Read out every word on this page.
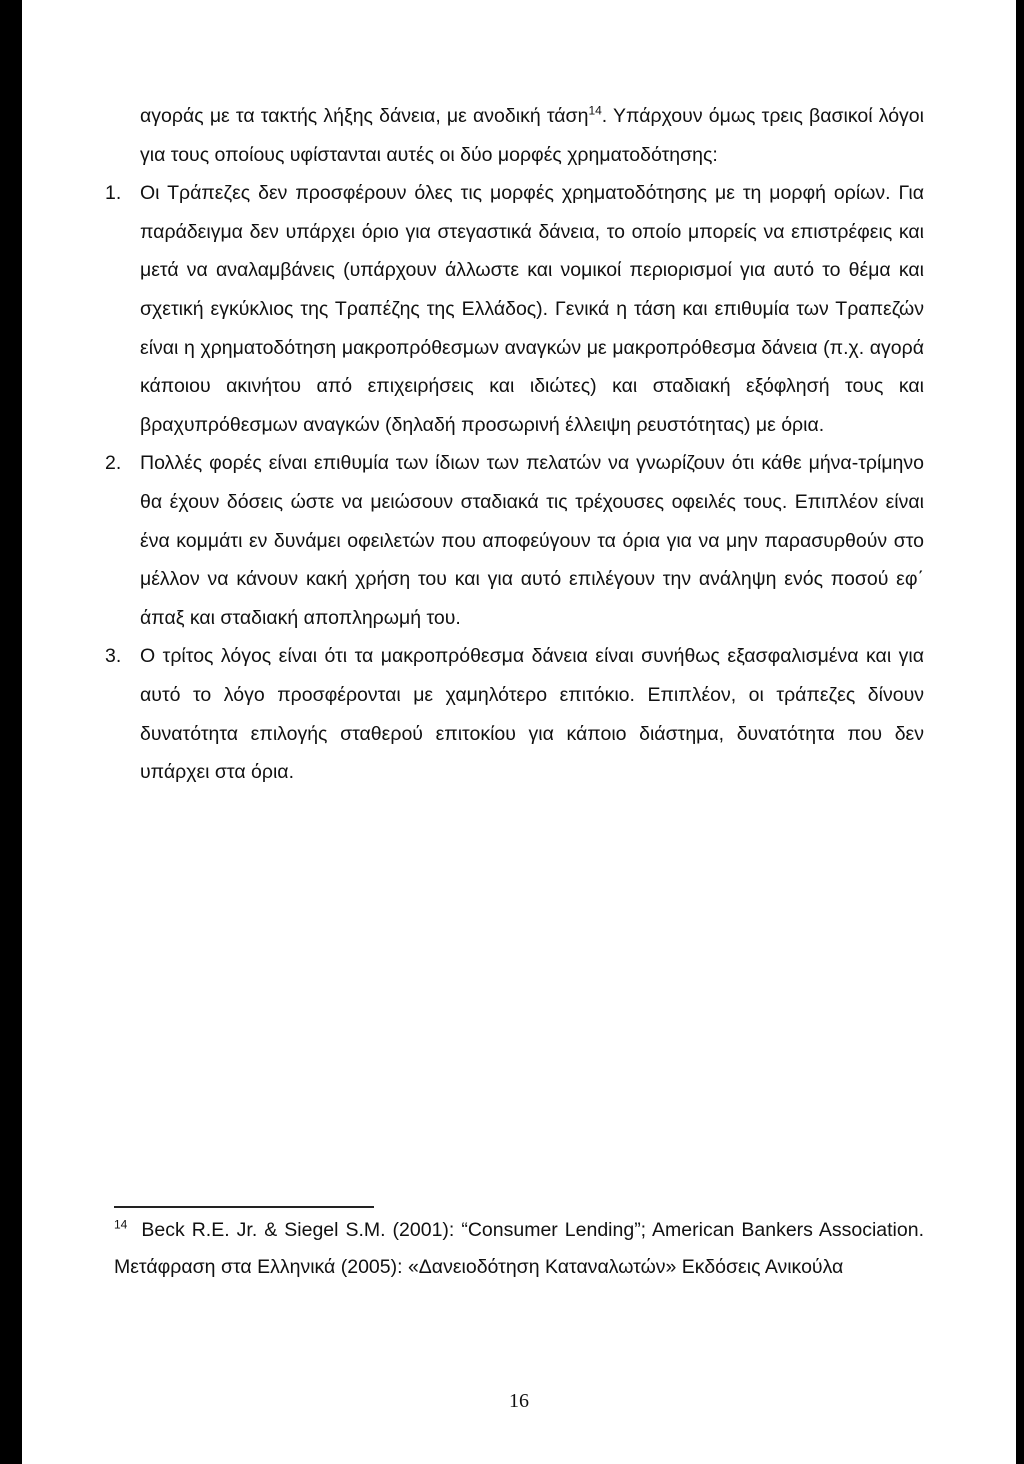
αγοράς με τα τακτής λήξης δάνεια, με ανοδική τάση$^{14}$. Υπάρχουν όμως τρεις βασικοί λόγοι για τους οποίους υφίστανται αυτές οι δύο μορφές χρηματοδότησης:

1. Οι Τράπεζες δεν προσφέρουν όλες τις μορφές χρηματοδότησης με τη μορφή ορίων. Για παράδειγμα δεν υπάρχει όριο για στεγαστικά δάνεια, το οποίο μπορείς να επιστρέφεις και μετά να αναλαμβάνεις (υπάρχουν άλλωστε και νομικοί περιορισμοί για αυτό το θέμα και σχετική εγκύκλιος της Τραπέζης της Ελλάδος). Γενικά η τάση και επιθυμία των Τραπεζών είναι η χρηματοδότηση μακροπρόθεσμων αναγκών με μακροπρόθεσμα δάνεια (π.χ. αγορά κάποιου ακινήτου από επιχειρήσεις και ιδιώτες) και σταδιακή εξόφλησή τους και βραχυπρόθεσμων αναγκών (δηλαδή προσωρινή έλλειψη ρευστότητας) με όρια.
2. Πολλές φορές είναι επιθυμία των ίδιων των πελατών να γνωρίζουν ότι κάθε μήνα-τρίμηνο θα έχουν δόσεις ώστε να μειώσουν σταδιακά τις τρέχουσες οφειλές τους. Επιπλέον είναι ένα κομμάτι εν δυνάμει οφειλετών που αποφεύγουν τα όρια για να μην παρασυρθούν στο μέλλον να κάνουν κακή χρήση του και για αυτό επιλέγουν την ανάληψη ενός ποσού εφ΄ άπαξ και σταδιακή αποπληρωμή του.
3. Ο τρίτος λόγος είναι ότι τα μακροπρόθεσμα δάνεια είναι συνήθως εξασφαλισμένα και για αυτό το λόγο προσφέρονται με χαμηλότερο επιτόκιο. Επιπλέον, οι τράπεζες δίνουν δυνατότητα επιλογής σταθερού επιτοκίου για κάποιο διάστημα, δυνατότητα που δεν υπάρχει στα όρια.

$^{14}$ Beck R.E. Jr. & Siegel S.M. (2001): “Consumer Lending”; American Bankers Association. Μετάφραση στα Ελληνικά (2005): «Δανειοδότηση Καταναλωτών» Εκδόσεις Ανικούλα

16
